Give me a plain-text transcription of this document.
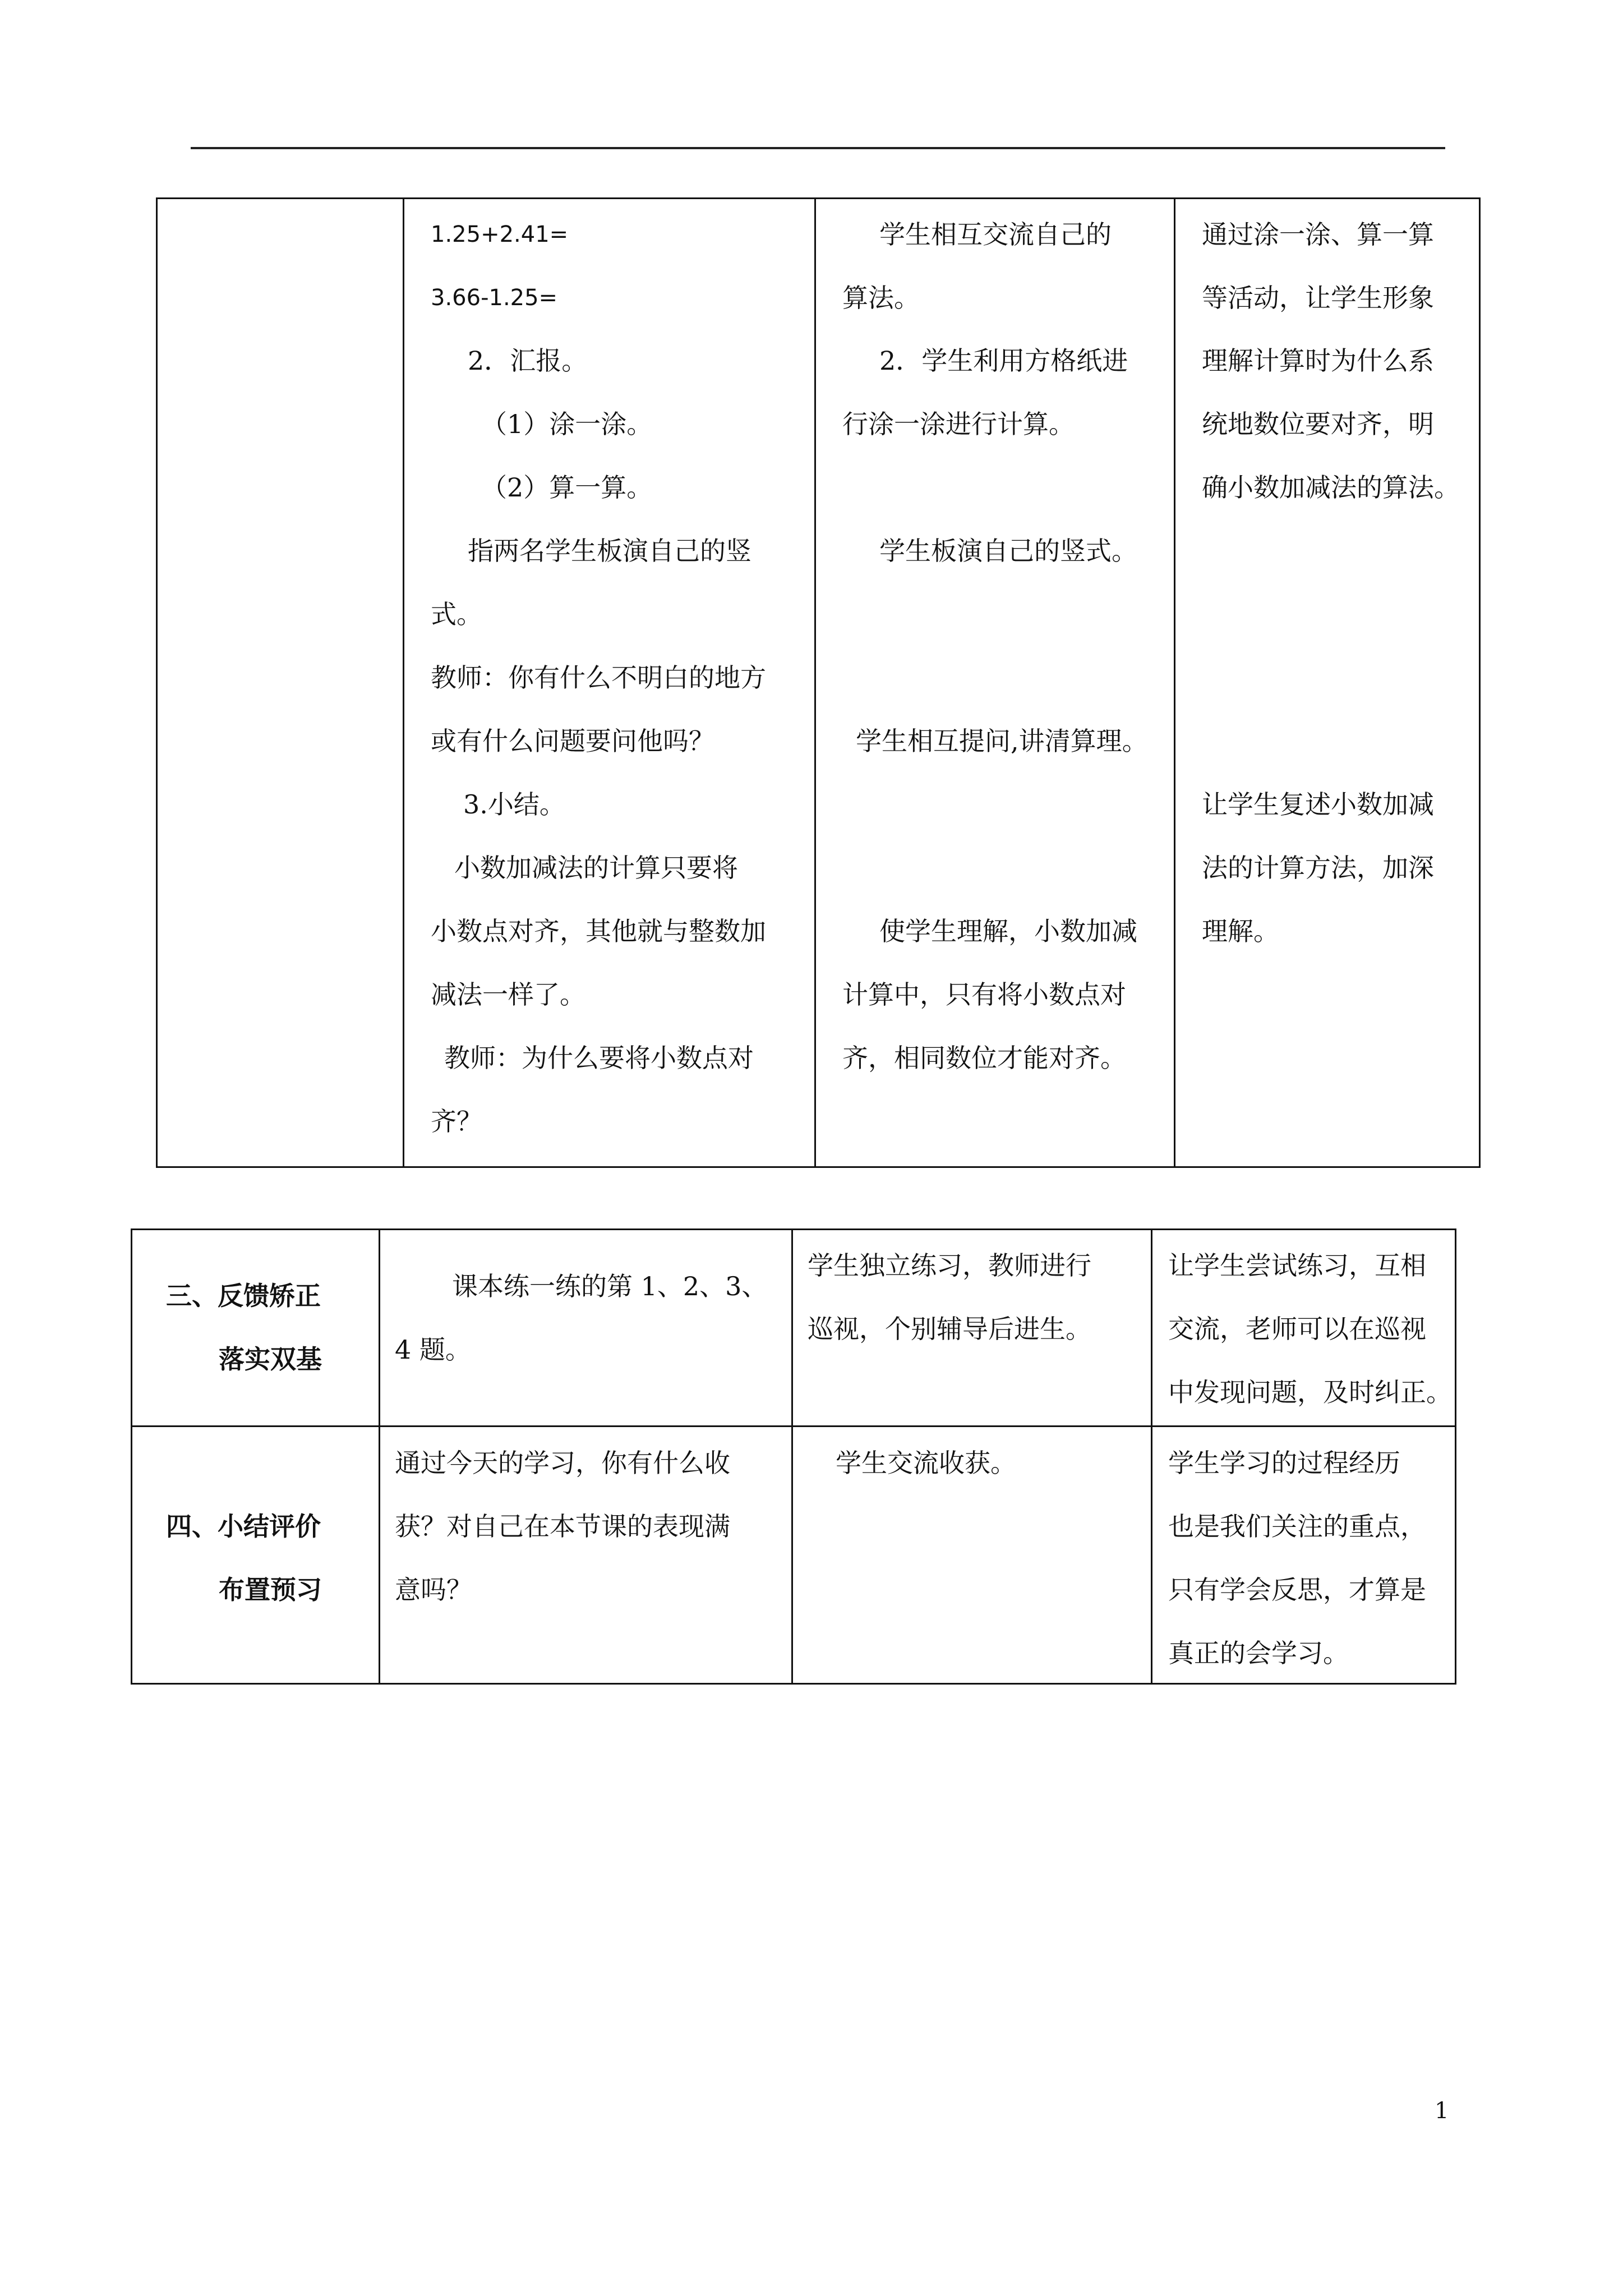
1.25+2.41=
3.66-1.25=
2．汇报。
（1）涂一涂。
（2）算一算。
指两名学生板演自己的竖
式。
教师：你有什么不明白的地方
或有什么问题要问他吗？
3.小结。
小数加减法的计算只要将
小数点对齐，其他就与整数加
减法一样了。
教师：为什么要将小数点对
齐？
学生相互交流自己的
算法。
2．学生利用方格纸进
行涂一涂进行计算。
学生板演自己的竖式。
学生相互提问,讲清算理。
使学生理解，小数加减
计算中，只有将小数点对
齐，相同数位才能对齐。
通过涂一涂、算一算
等活动，让学生形象
理解计算时为什么系
统地数位要对齐，明
确小数加减法的算法。
让学生复述小数加减
法的计算方法，加深
理解。
三、反馈矫正
落实双基
课本练一练的第 1、2、3、
4 题。
学生独立练习，教师进行
巡视，个别辅导后进生。
让学生尝试练习，互相
交流，老师可以在巡视
中发现问题，及时纠正。
四、小结评价
布置预习
通过今天的学习，你有什么收
获？对自己在本节课的表现满
意吗？
学生交流收获。	学生学习的过程经历
也是我们关注的重点，
只有学会反思，才算是
真正的会学习。
1
